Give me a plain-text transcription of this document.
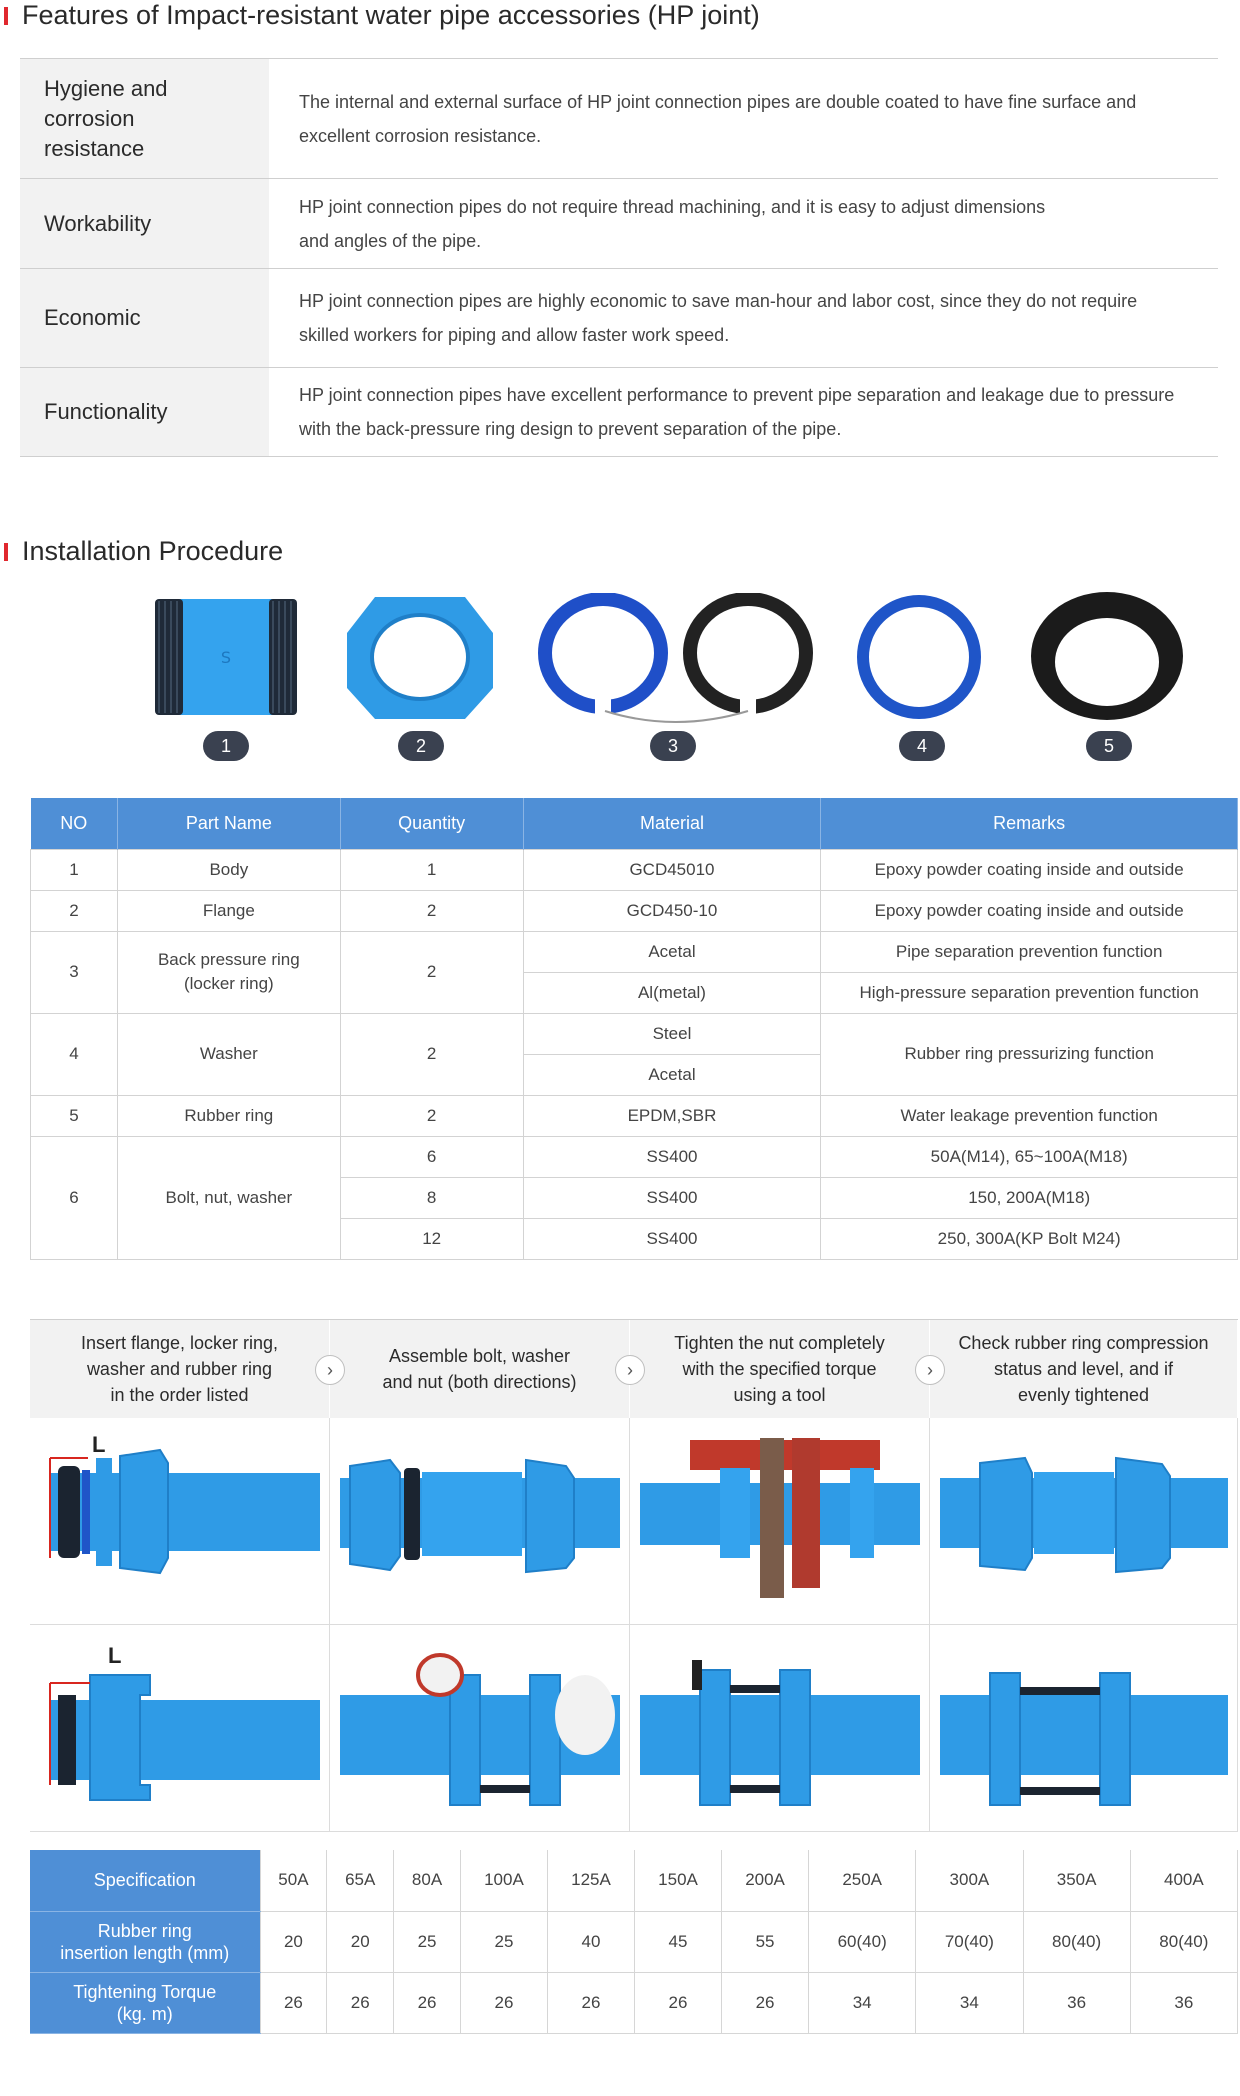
Features of Impact-resistant water pipe accessories (HP joint)
Hygiene and corrosion resistance
The internal and external surface of HP joint connection pipes are double coated to have fine surface and excellent corrosion resistance.
Workability
HP joint connection pipes do not require thread machining, and it is easy to adjust dimensions and angles of the pipe.
Economic
HP joint connection pipes are highly economic to save man-hour and labor cost, since they do not require skilled workers for piping and allow faster work speed.
Functionality
HP joint connection pipes have excellent performance to prevent pipe separation and leakage due to pressure with the back-pressure ring design to prevent separation of the pipe.
Installation Procedure
S
1	2	3	4	5
NO	Part Name	Quantity	Material	Remarks
1	Body	1	GCD45010	Epoxy powder coating inside and outside
2	Flange	2	GCD450-10	Epoxy powder coating inside and outside
3	Back pressure ring
(locker ring)	2	Acetal	Pipe separation prevention function
			Al(metal)	High-pressure separation prevention function
4	Washer	2	Steel	Rubber ring pressurizing function
			Acetal	
5	Rubber ring	2	EPDM,SBR	Water leakage prevention function
6	Bolt, nut, washer	6	SS400	50A(M14), 65~100A(M18)
		8	SS400	150, 200A(M18)
		12	SS400	250, 300A(KP Bolt M24)
Insert flange, locker ring,
washer and rubber ring
in the order listed
Assemble bolt, washer
and nut (both directions)
Tighten the nut completely
with the specified torque
using a tool
Check rubber ring compression
status and level, and if
evenly tightened
›	›	›
L
L
Specification	50A	65A	80A	100A	125A	150A	200A	250A	300A	350A	400A

Rubber ring
insertion length (mm)	20	20	25	25	40	45	55	60(40)	70(40)	80(40)	80(40)

Tightening Torque
(kg. m)	26	26	26	26	26	26	26	34	34	36	36
